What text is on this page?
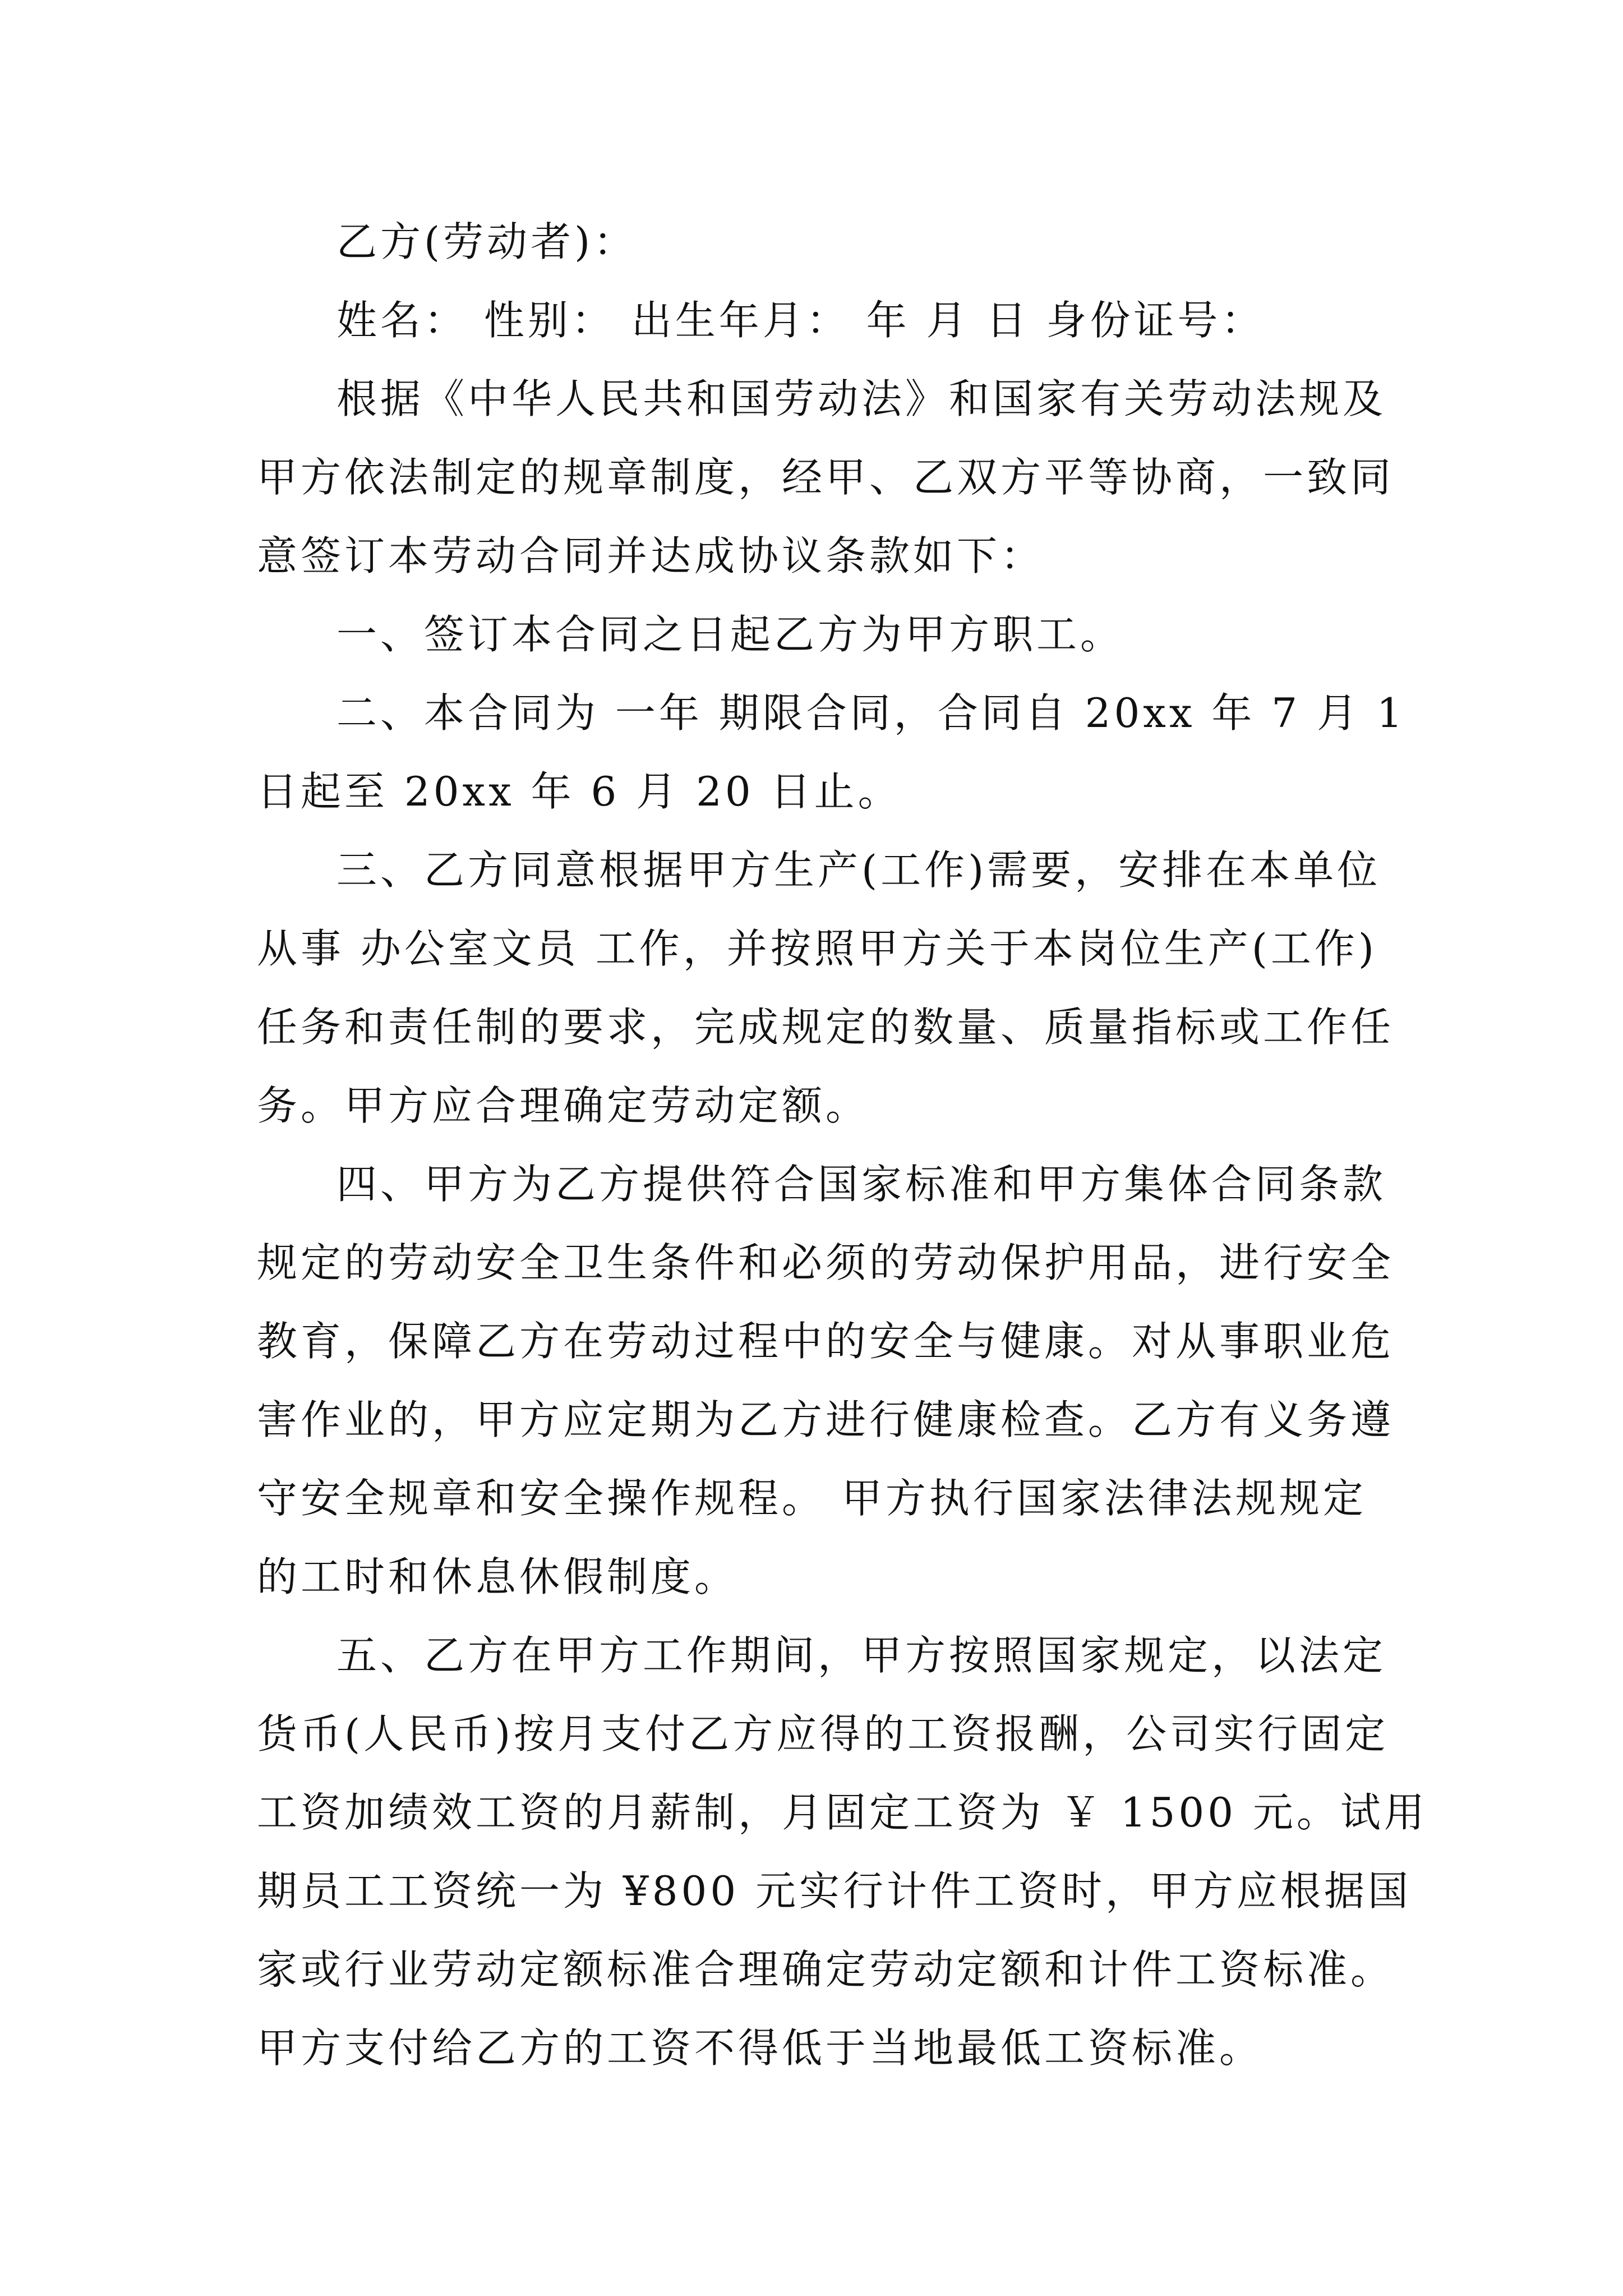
乙方(劳动者)：
姓名： 性别： 出生年月： 年 月 日 身份证号：
根据《中华人民共和国劳动法》和国家有关劳动法规及
甲方依法制定的规章制度，经甲、乙双方平等协商，一致同
意签订本劳动合同并达成协议条款如下：
一、签订本合同之日起乙方为甲方职工。
二、本合同为 一年 期限合同，合同自 20xx 年 7 月 1
日起至 20xx 年 6 月 20 日止。
三、乙方同意根据甲方生产(工作)需要，安排在本单位
从事 办公室文员 工作，并按照甲方关于本岗位生产(工作)
任务和责任制的要求，完成规定的数量、质量指标或工作任
务。甲方应合理确定劳动定额。
四、甲方为乙方提供符合国家标准和甲方集体合同条款
规定的劳动安全卫生条件和必须的劳动保护用品，进行安全
教育，保障乙方在劳动过程中的安全与健康。对从事职业危
害作业的，甲方应定期为乙方进行健康检查。乙方有义务遵
守安全规章和安全操作规程。 甲方执行国家法律法规规定
的工时和休息休假制度。
五、乙方在甲方工作期间，甲方按照国家规定，以法定
货币(人民币)按月支付乙方应得的工资报酬，公司实行固定
工资加绩效工资的月薪制，月固定工资为 ￥ 1500 元。试用
期员工工资统一为 ¥800 元实行计件工资时，甲方应根据国
家或行业劳动定额标准合理确定劳动定额和计件工资标准。
甲方支付给乙方的工资不得低于当地最低工资标准。
